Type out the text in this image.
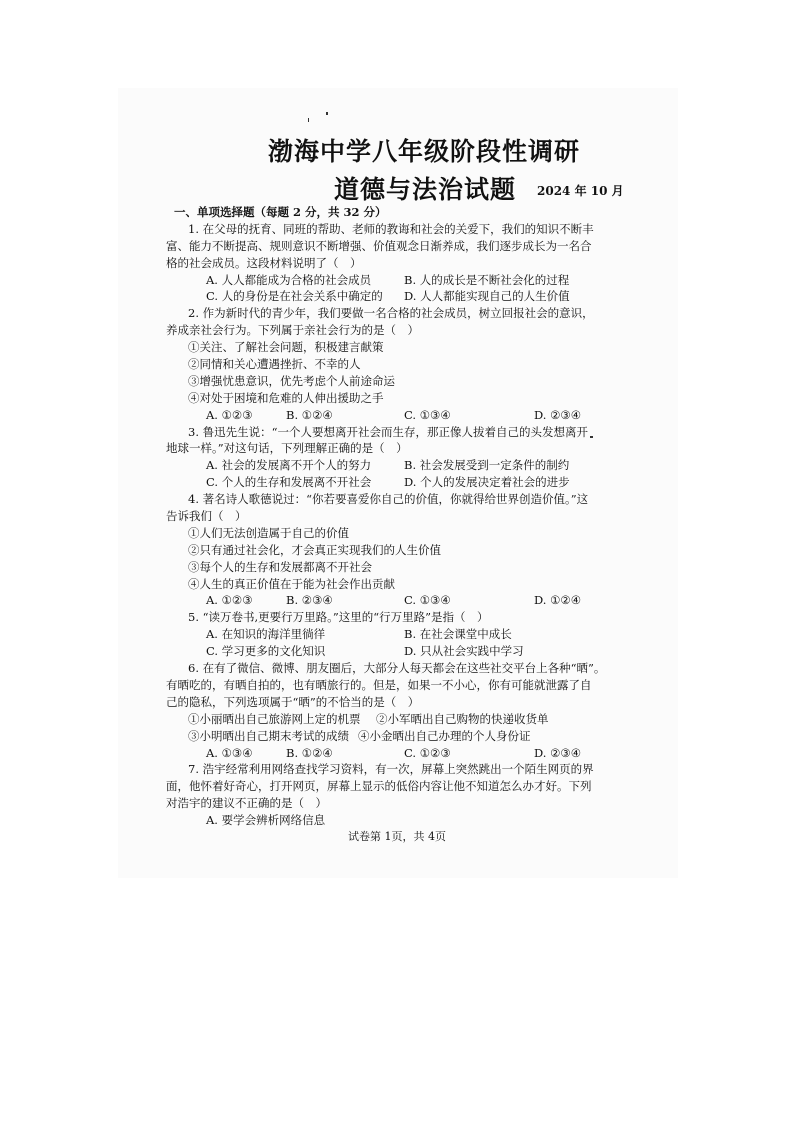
渤海中学八年级阶段性调研
道德与法治试题 2024 年 10 月
一、单项选择题（每题 2 分，共 32 分）
1. 在父母的抚育、同班的帮助、老师的教诲和社会的关爱下，我们的知识不断丰
富、能力不断提高、规则意识不断增强、价值观念日渐养成，我们逐步成长为一名合
格的社会成员。这段材料说明了（　）
A. 人人都能成为合格的社会成员	B. 人的成长是不断社会化的过程
C. 人的身份是在社会关系中确定的 D. 人人都能实现自己的人生价值
2. 作为新时代的青少年，我们要做一名合格的社会成员，树立回报社会的意识，
养成亲社会行为。下列属于亲社会行为的是（　）
①关注、了解社会问题，积极建言献策
②同情和关心遭遇挫折、不幸的人
③增强忧患意识，优先考虑个人前途命运
④对处于困境和危难的人伸出援助之手
A. ①②③	B. ①②④	C. ①③④	D. ②③④
3. 鲁迅先生说：“一个人要想离开社会而生存，那正像人拔着自己的头发想离开
地球一样。”对这句话，下列理解正确的是（　）
A. 社会的发展离不开个人的努力	B. 社会发展受到一定条件的制约
C. 个人的生存和发展离不开社会	D. 个人的发展决定着社会的进步
4. 著名诗人歌德说过：“你若要喜爱你自己的价值，你就得给世界创造价值。”这
告诉我们（　）
①人们无法创造属于自己的价值
②只有通过社会化，才会真正实现我们的人生价值
③每个人的生存和发展都离不开社会
④人生的真正价值在于能为社会作出贡献
A. ①②③	B. ②③④	C. ①③④	D. ①②④
5. “读万卷书,更要行万里路。”这里的“行万里路”是指（　）
A. 在知识的海洋里徜徉	B. 在社会课堂中成长
C. 学习更多的文化知识	D. 只从社会实践中学习
6. 在有了微信、微博、朋友圈后，大部分人每天都会在这些社交平台上各种“晒”。
有晒吃的，有晒自拍的，也有晒旅行的。但是，如果一不小心，你有可能就泄露了自
己的隐私，下列选项属于“晒”的不恰当的是（　）
①小丽晒出自己旅游网上定的机票 ②小军晒出自己购物的快递收货单
③小明晒出自己期末考试的成绩 ④小金晒出自己办理的个人身份证
A. ①③④	B. ①②④	C. ①②③	D. ②③④
7. 浩宇经常利用网络查找学习资料，有一次，屏幕上突然跳出一个陌生网页的界
面，他怀着好奇心，打开网页，屏幕上显示的低俗内容让他不知道怎么办才好。下列
对浩宇的建议不正确的是（　）
A. 要学会辨析网络信息
试卷第 1页，共 4页
